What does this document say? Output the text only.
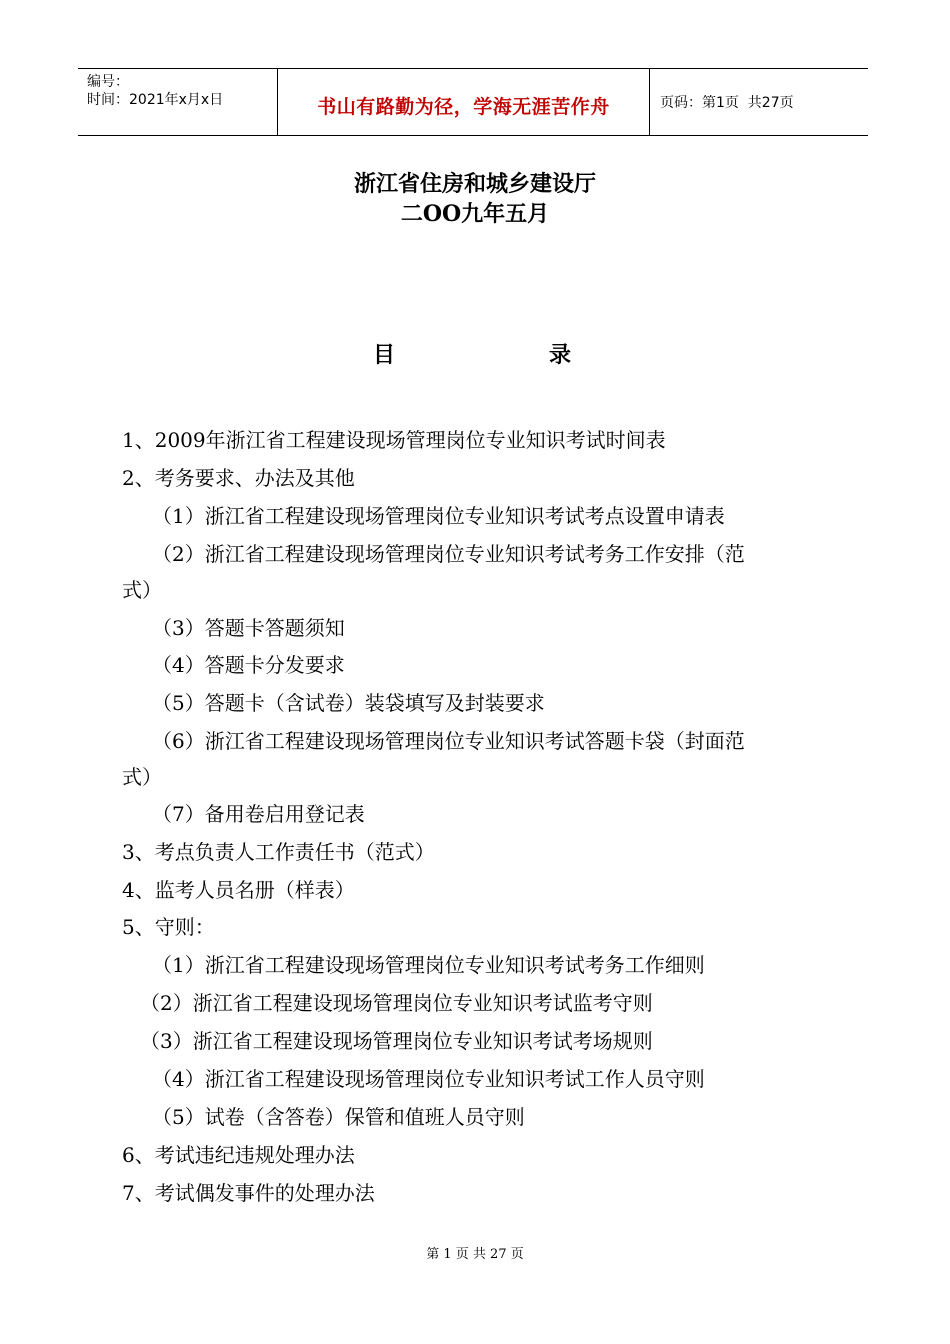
编号：
时间：2021年x月x日	书山有路勤为径，学海无涯苦作舟	页码：第1页  共27页
浙江省住房和城乡建设厅
二OO九年五月
目	录
1、2009年浙江省工程建设现场管理岗位专业知识考试时间表
2、考务要求、办法及其他
（1）浙江省工程建设现场管理岗位专业知识考试考点设置申请表
（2）浙江省工程建设现场管理岗位专业知识考试考务工作安排（范
式）
（3）答题卡答题须知
（4）答题卡分发要求
（5）答题卡（含试卷）装袋填写及封装要求
（6）浙江省工程建设现场管理岗位专业知识考试答题卡袋（封面范
式）
（7）备用卷启用登记表
3、考点负责人工作责任书（范式）
4、监考人员名册（样表）
5、守则：
（1）浙江省工程建设现场管理岗位专业知识考试考务工作细则
（2）浙江省工程建设现场管理岗位专业知识考试监考守则
（3）浙江省工程建设现场管理岗位专业知识考试考场规则
（4）浙江省工程建设现场管理岗位专业知识考试工作人员守则
（5）试卷（含答卷）保管和值班人员守则
6、考试违纪违规处理办法
7、考试偶发事件的处理办法
第 1 页 共 27 页
